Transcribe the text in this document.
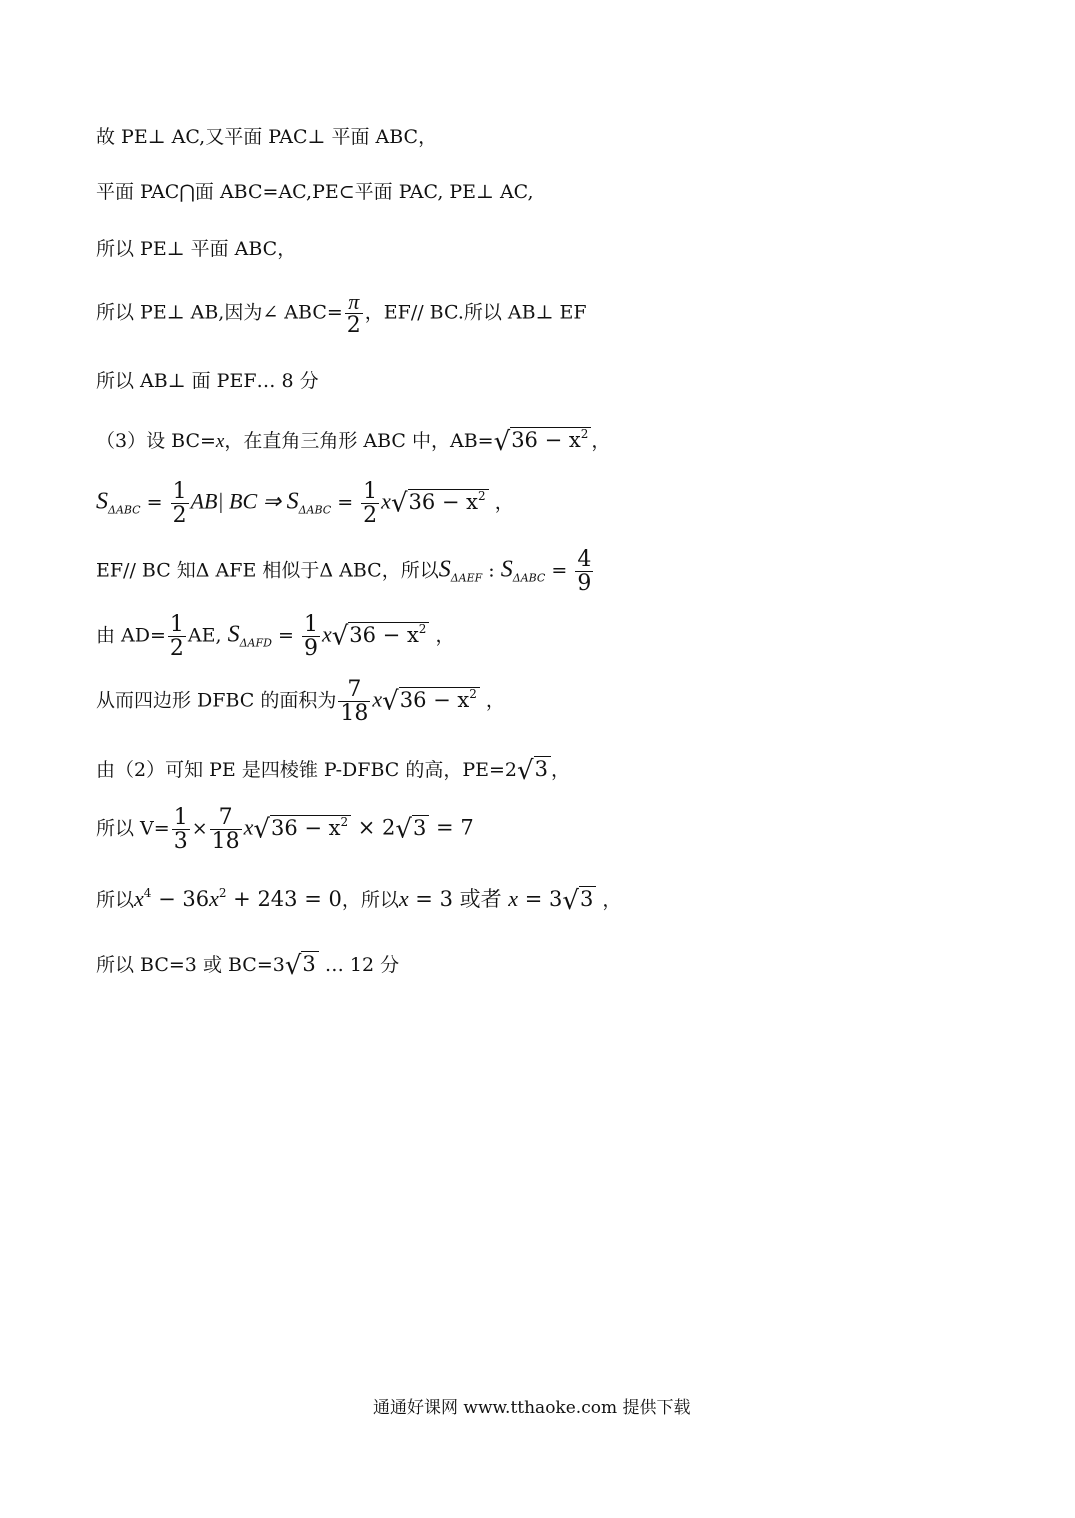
故 PE⊥ AC,又平面 PAC⊥ 平面 ABC，
平面 PAC⋂面 ABC=AC,PE⊂平面 PAC, PE⊥ AC,
所以 PE⊥ 平面 ABC，
所以 PE⊥ AB,因为∠ $ABC= \frac{\pi}{2}$ ，EF// BC.所以 AB⊥ EF
所以 AB⊥ 面 PEF… 8 分
（3）设 BC=x，在直角三角形 ABC 中，$AB=√36 - x^2$ ，
$S_{\Delta ABC} = \frac{1}{2} AB|$ BC ⇒ $S_{\Delta ABC} = \frac{1}{2} x√36 - x^2$ ，
EF// BC 知Δ AFE 相似于Δ ABC，所以$S_{\Delta AEF}$ : $S_{\Delta ABC} = \frac{4}{9}$
由 $AD= \frac{1}{2}$ AE, $S_{\Delta AFD} = \frac{1}{9} x√36 - x^2$ ，
从而四边形 DFBC 的面积为 $\frac{7}{18} x√36 - x^2$ ，
由（2）可知 PE 是四棱锥 P-DFBC 的高，PE=2√3 ，
所以 $V= \frac{1}{3} \times \frac{7}{18} x√36 - x^2 \times 2√3 = 7$
所以$x^4 - 36x^2 + 243 = 0$，所以x = 3 或者 x = 3√3 ，
所以 BC=3 或 BC=3√3 … 12 分
通通好课网 www.tthaoke.com 提供下载
